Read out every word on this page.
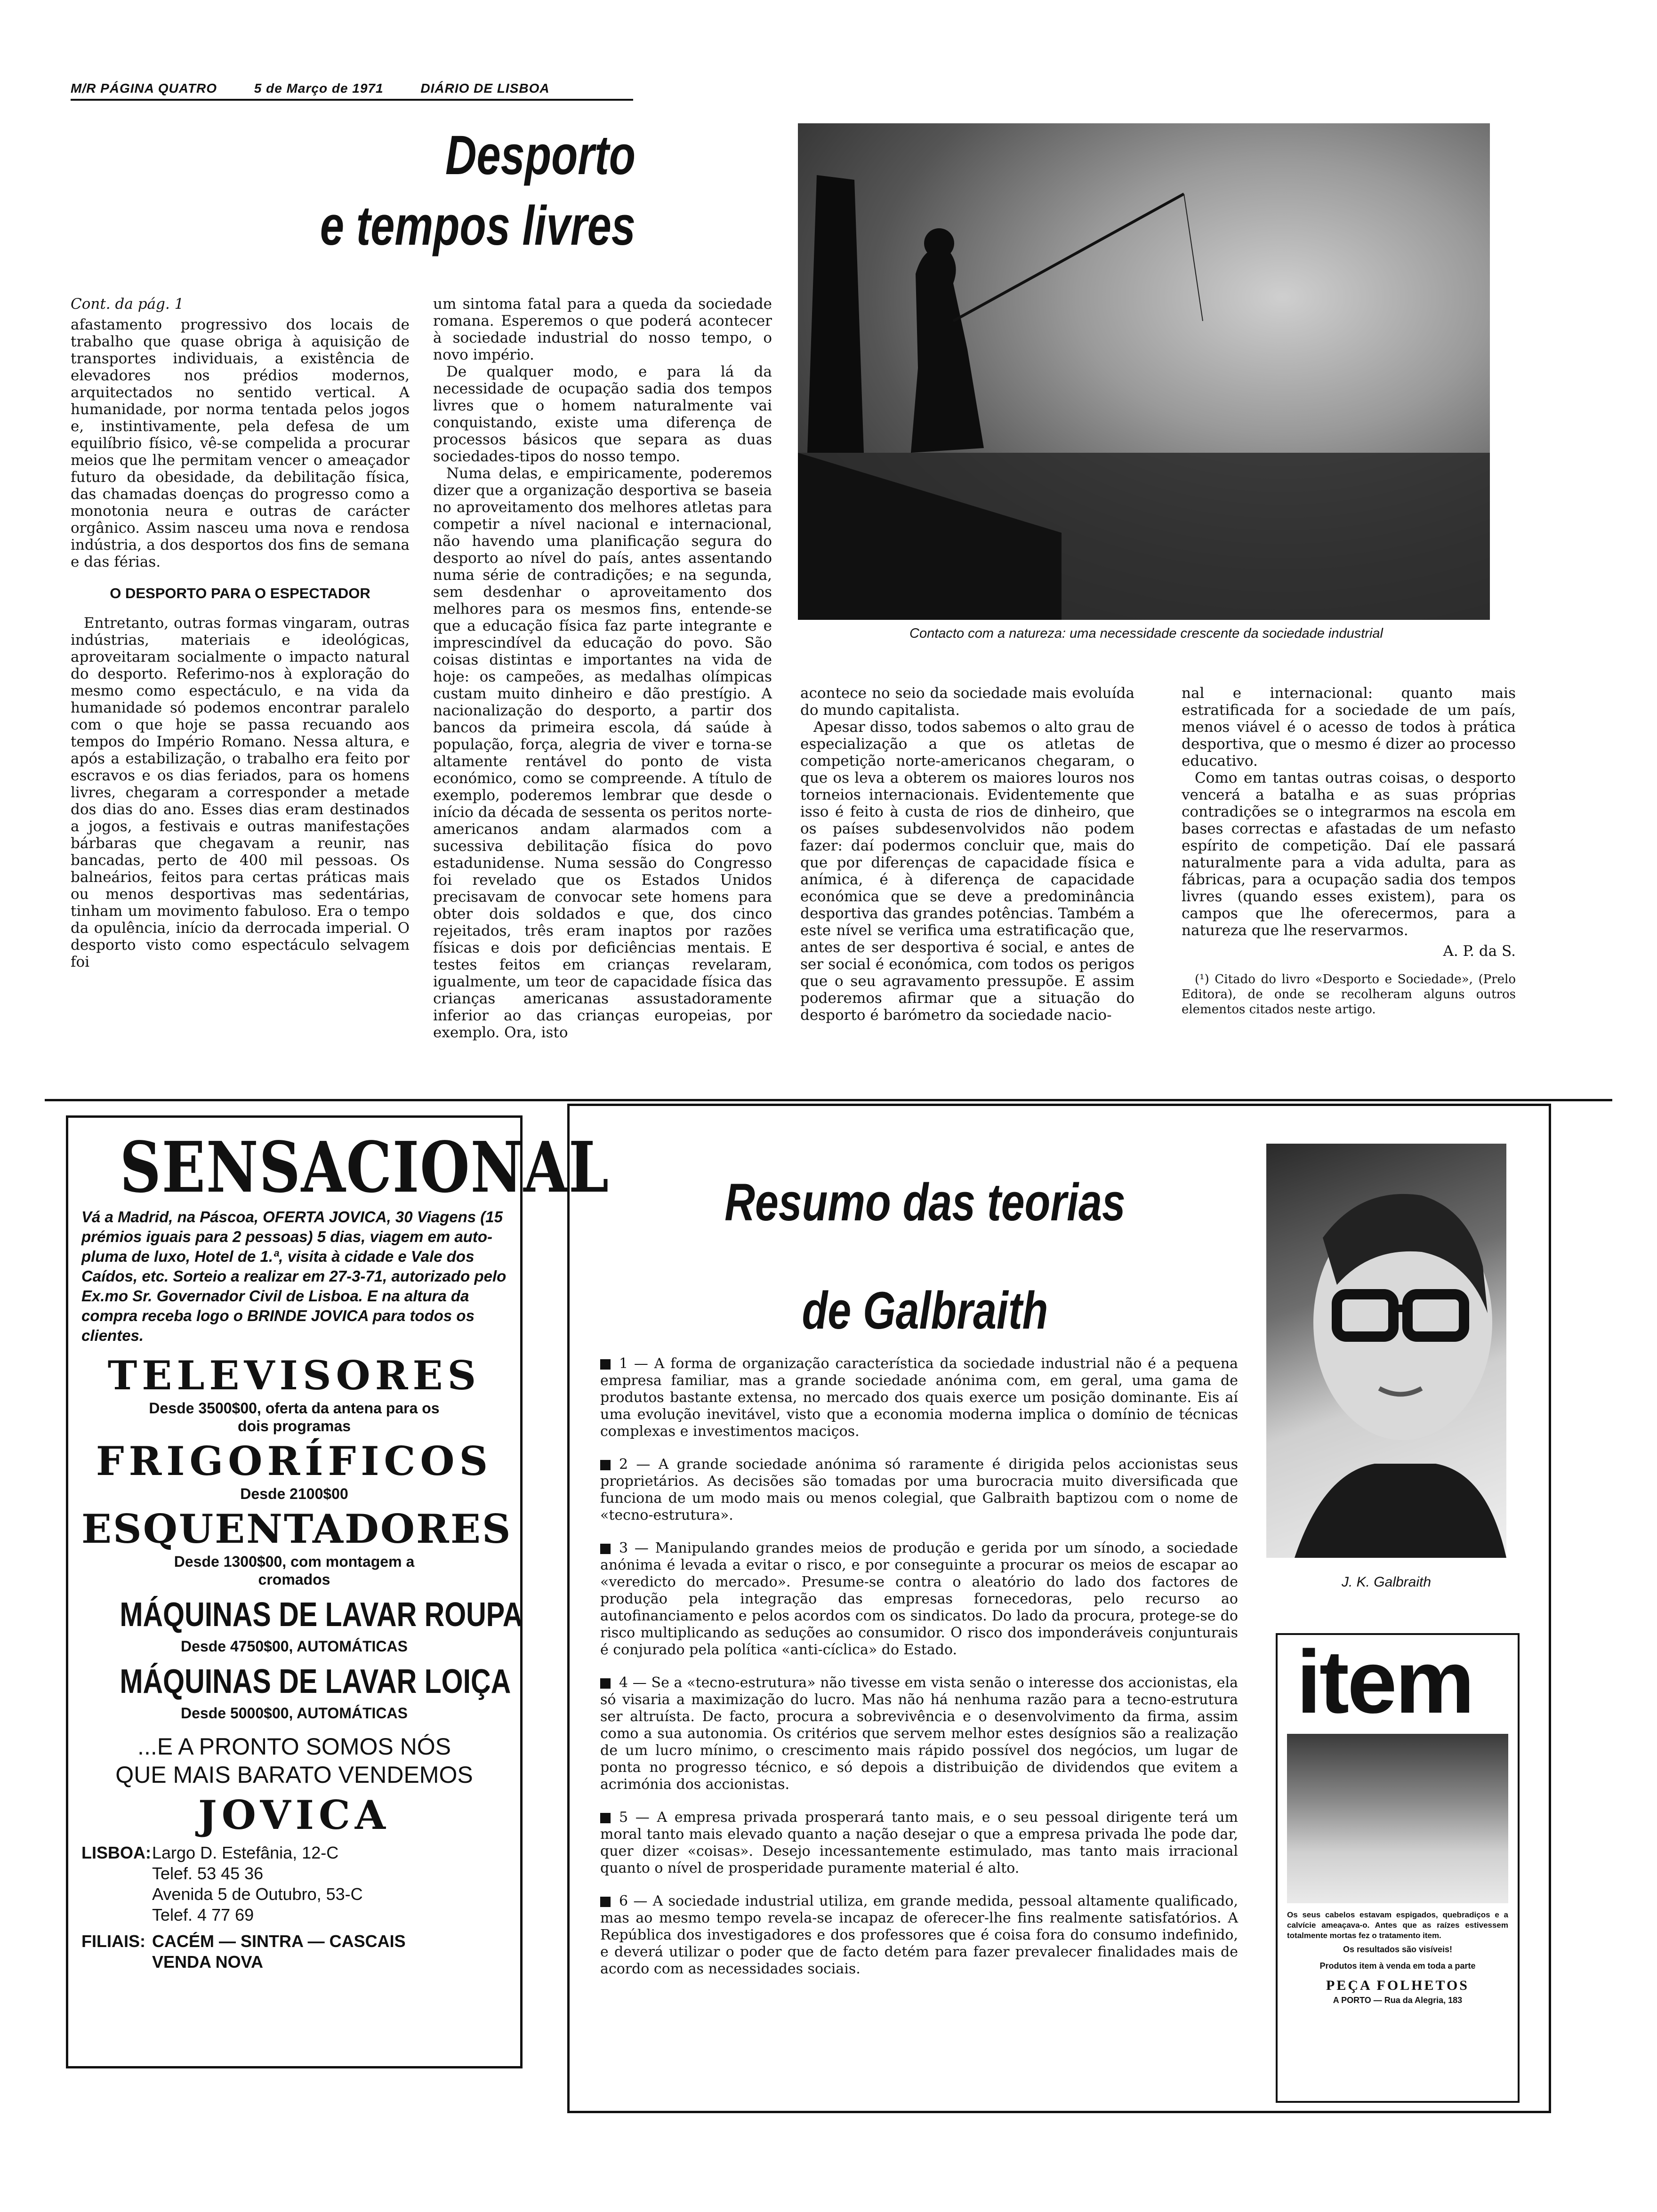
M/R PÁGINA QUATRO	5 de Março de 1971	DIÁRIO DE LISBOA
Desporto
e tempos livres

Cont. da pág. 1

afastamento progressivo dos locais de trabalho que quase obriga à aquisição de transportes individuais, a existência de elevadores nos prédios modernos, arquitectados no sentido vertical. A humanidade, por norma tentada pelos jogos e, instintivamente, pela defesa de um equilíbrio físico, vê-se compelida a procurar meios que lhe permitam vencer o ameaçador futuro da obesidade, da debilitação física, das chamadas doenças do progresso como a monotonia neura e outras de carácter orgânico. Assim nasceu uma nova e rendosa indústria, a dos desportos dos fins de semana e das férias.

O DESPORTO PARA O ESPECTADOR

Entretanto, outras formas vingaram, outras indústrias, materiais e ideológicas, aproveitaram socialmente o impacto natural do desporto. Referimo-nos à exploração do mesmo como espectáculo, e na vida da humanidade só podemos encontrar paralelo com o que hoje se passa recuando aos tempos do Império Romano. Nessa altura, e após a estabilização, o trabalho era feito por escravos e os dias feriados, para os homens livres, chegaram a corresponder a metade dos dias do ano. Esses dias eram destinados a jogos, a festivais e outras manifestações bárbaras que chegavam a reunir, nas bancadas, perto de 400 mil pessoas. Os balneários, feitos para certas práticas mais ou menos desportivas mas sedentárias, tinham um movimento fabuloso. Era o tempo da opulência, início da derrocada imperial. O desporto visto como espectáculo selvagem foi

um sintoma fatal para a queda da sociedade romana. Esperemos o que poderá acontecer à sociedade industrial do nosso tempo, o novo império.

De qualquer modo, e para lá da necessidade de ocupação sadia dos tempos livres que o homem naturalmente vai conquistando, existe uma diferença de processos básicos que separa as duas sociedades-tipos do nosso tempo.

Numa delas, e empiricamente, poderemos dizer que a organização desportiva se baseia no aproveitamento dos melhores atletas para competir a nível nacional e internacional, não havendo uma planificação segura do desporto ao nível do país, antes assentando numa série de contradições; e na segunda, sem desdenhar o aproveitamento dos melhores para os mesmos fins, entende-se que a educação física faz parte integrante e imprescindível da educação do povo. São coisas distintas e importantes na vida de hoje: os campeões, as medalhas olímpicas custam muito dinheiro e dão prestígio. A nacionalização do desporto, a partir dos bancos da primeira escola, dá saúde à população, força, alegria de viver e torna-se altamente rentável do ponto de vista económico, como se compreende. A título de exemplo, poderemos lembrar que desde o início da década de sessenta os peritos norte-americanos andam alarmados com a sucessiva debilitação física do povo estadunidense. Numa sessão do Congresso foi revelado que os Estados Unidos precisavam de convocar sete homens para obter dois soldados e que, dos cinco rejeitados, três eram inaptos por razões físicas e dois por deficiências mentais. E testes feitos em crianças revelaram, igualmente, um teor de capacidade física das crianças americanas assustadoramente inferior ao das crianças europeias, por exemplo. Ora, isto

Contacto com a natureza: uma necessidade crescente da sociedade industrial

acontece no seio da sociedade mais evoluída do mundo capitalista.

Apesar disso, todos sabemos o alto grau de especialização a que os atletas de competição norte-americanos chegaram, o que os leva a obterem os maiores louros nos torneios internacionais. Evidentemente que isso é feito à custa de rios de dinheiro, que os países subdesenvolvidos não podem fazer: daí podermos concluir que, mais do que por diferenças de capacidade física e anímica, é à diferença de capacidade económica que se deve a predominância desportiva das grandes potências. Também a este nível se verifica uma estratificação que, antes de ser desportiva é social, e antes de ser social é económica, com todos os perigos que o seu agravamento pressupõe. E assim poderemos afirmar que a situação do desporto é barómetro da sociedade nacio-

nal e internacional: quanto mais estratificada for a sociedade de um país, menos viável é o acesso de todos à prática desportiva, que o mesmo é dizer ao processo educativo.

Como em tantas outras coisas, o desporto vencerá a batalha e as suas próprias contradições se o integrarmos na escola em bases correctas e afastadas de um nefasto espírito de competição. Daí ele passará naturalmente para a vida adulta, para as fábricas, para a ocupação sadia dos tempos livres (quando esses existem), para os campos que lhe oferecermos, para a natureza que lhe reservarmos.

A. P. da S.
(¹) Citado do livro «Desporto e Sociedade», (Prelo Editora), de onde se recolheram alguns outros elementos citados neste artigo.
SENSACIONAL
Vá a Madrid, na Páscoa, OFERTA JOVICA, 30 Viagens (15 prémios iguais para 2 pessoas) 5 dias, viagem em auto-pluma de luxo, Hotel de 1.ª, visita à cidade e Vale dos Caídos, etc. Sorteio a realizar em 27-3-71, autorizado pelo Ex.mo Sr. Governador Civil de Lisboa. E na altura da compra receba logo o BRINDE JOVICA para todos os clientes.
TELEVISORES
Desde 3500$00, oferta da antena para os dois programas
FRIGORÍFICOS
Desde 2100$00
ESQUENTADORES
Desde 1300$00, com montagem a cromados
MÁQUINAS DE LAVAR ROUPA
Desde 4750$00, AUTOMÁTICAS
MÁQUINAS DE LAVAR LOIÇA
Desde 5000$00, AUTOMÁTICAS
...E A PRONTO SOMOS NÓS
QUE MAIS BARATO VENDEMOS
JOVICA
LISBOA: Largo D. Estefânia, 12-C
Telef. 53 45 36
Avenida 5 de Outubro, 53-C
Telef. 4 77 69
FILIAIS: CACÉM — SINTRA — CASCAIS
VENDA NOVA
Resumo das teorias
de Galbraith

1 — A forma de organização característica da sociedade industrial não é a pequena empresa familiar, mas a grande sociedade anónima com, em geral, uma gama de produtos bastante extensa, no mercado dos quais exerce um posição dominante. Eis aí uma evolução inevitável, visto que a economia moderna implica o domínio de técnicas complexas e investimentos maciços.

2 — A grande sociedade anónima só raramente é dirigida pelos accionistas seus proprietários. As decisões são tomadas por uma burocracia muito diversificada que funciona de um modo mais ou menos colegial, que Galbraith baptizou com o nome de «tecno-estrutura».

3 — Manipulando grandes meios de produção e gerida por um sínodo, a sociedade anónima é levada a evitar o risco, e por conseguinte a procurar os meios de escapar ao «veredicto do mercado». Presume-se contra o aleatório do lado dos factores de produção pela integração das empresas fornecedoras, pelo recurso ao autofinanciamento e pelos acordos com os sindicatos. Do lado da procura, protege-se do risco multiplicando as seduções ao consumidor. O risco dos imponderáveis conjunturais é conjurado pela política «anti-cíclica» do Estado.

4 — Se a «tecno-estrutura» não tivesse em vista senão o interesse dos accionistas, ela só visaria a maximização do lucro. Mas não há nenhuma razão para a tecno-estrutura ser altruísta. De facto, procura a sobrevivência e o desenvolvimento da firma, assim como a sua autonomia. Os critérios que servem melhor estes desígnios são a realização de um lucro mínimo, o crescimento mais rápido possível dos negócios, um lugar de ponta no progresso técnico, e só depois a distribuição de dividendos que evitem a acrimónia dos accionistas.

5 — A empresa privada prosperará tanto mais, e o seu pessoal dirigente terá um moral tanto mais elevado quanto a nação desejar o que a empresa privada lhe pode dar, quer dizer «coisas». Desejo incessantemente estimulado, mas tanto mais irracional quanto o nível de prosperidade puramente material é alto.

6 — A sociedade industrial utiliza, em grande medida, pessoal altamente qualificado, mas ao mesmo tempo revela-se incapaz de oferecer-lhe fins realmente satisfatórios. A República dos investigadores e dos professores que é coisa fora do consumo indefinido, e deverá utilizar o poder que de facto detém para fazer prevalecer finalidades mais de acordo com as necessidades sociais.

J. K. Galbraith
item
Os seus cabelos estavam espigados, quebradiços e a calvície ameaçava-o. Antes que as raízes estivessem totalmente mortas fez o tratamento item.
Os resultados são visíveis!
Produtos item à venda em toda a parte
PEÇA FOLHETOS
A PORTO — Rua da Alegria, 183
